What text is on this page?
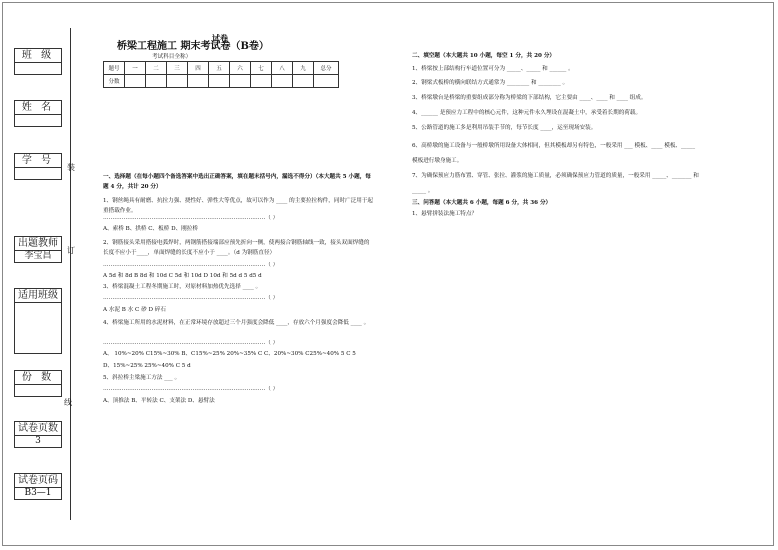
班 级
姓 名
学 号
出题教师
李宝昌
适用班级
份 数
试卷页数
3
试卷页码
B3—1
装
订
线
试卷
桥梁工程施工 期末考试卷（B卷）
考试科目全称）
题号	一	二	三	四	五	六	七	八	九	总分
分数										
一、选择题（在每小题四个备选答案中选出正确答案，填在题末括号内，漏选不得分）（本大题共 5 小题，每题 4 分，共计 20 分）
1、钢丝绳具有耐磨、抗拉力强、挠性好、弹性大等优点，故可以作为 ____ 的主要拉拉构件，同时广泛用于起重搭载作业。
……………………………………………………………………………（ ）
A、索桥 B、拱桥 C、板桥 D、刚拉桥
2、钢筋接头采用搭接电弧焊时，两钢筋搭接端部应预先折向一侧，使两接合钢筋轴线一致，接头双面焊缝的长度不应小于____，单面焊缝的长度不应小于 ____。（d 为钢筋直径）
……………………………………………………………………………（ ）
A 5d 和 8d B 8d 和 10d C 5d 和 10d D 10d 和 5d d 5 d5 d
3、桥梁混凝土工程冬期施工时，对原材料加热优先选择 ____ 。
……………………………………………………………………………（ ）
A 水泥 B 水 C 砂 D 碎石
4、桥梁施工所用的水泥材料，在正常环境存放超过三个月强度会降低 ____，存放六个月强度会降低 ____ 。
……………………………………………………………………………（ ）
A、 10%~20% C15%~30% B、C15%~25% 20%~35% C C、20%~30% C25%~40% 5 C 5
D、15%~25% 25%~40% C 5 d
5、斜拉桥主梁施工方法 ___ 。
……………………………………………………………………………（ ）
A、顶推法 B、平转法 C、支架法 D、悬臂法
二、填空题（本大题共 10 小题，每空 1 分，共 20 分）
1、桥梁按上部结构行车道位置可分为 _____、_____ 和 ______ 。
2、钢梁式板桥的横向联结方式通常为 ________ 和 ________ 。
3、桥梁墩台是桥梁的重要组成部分称为桥梁的下部结构，它主要由 ____、____ 和 ____ 组成。
4、______ 是预应力工程中的核心元件，这种元件永久埋设在混凝土中，承受着长期的荷载。
5、公路管道的施工多是利用吊装手节的，每节长度 ____，运至现场安装。
6、高桥墩的施工设备与一般桥墩所用设备大体相同，但其模板却另有特色，一般采用 ___ 模板、____ 模板、_____ 模板进行墩身施工。
7、为确保预应力筋布置、穿管、张拉、灌浆的施工质量，必须确保预应力管道的质量，一般采用 _____、_______ 和 _____ 。
三、问答题（本大题共 6 小题，每题 6 分，共 36 分）
1、悬臂拼装法施工特点？
